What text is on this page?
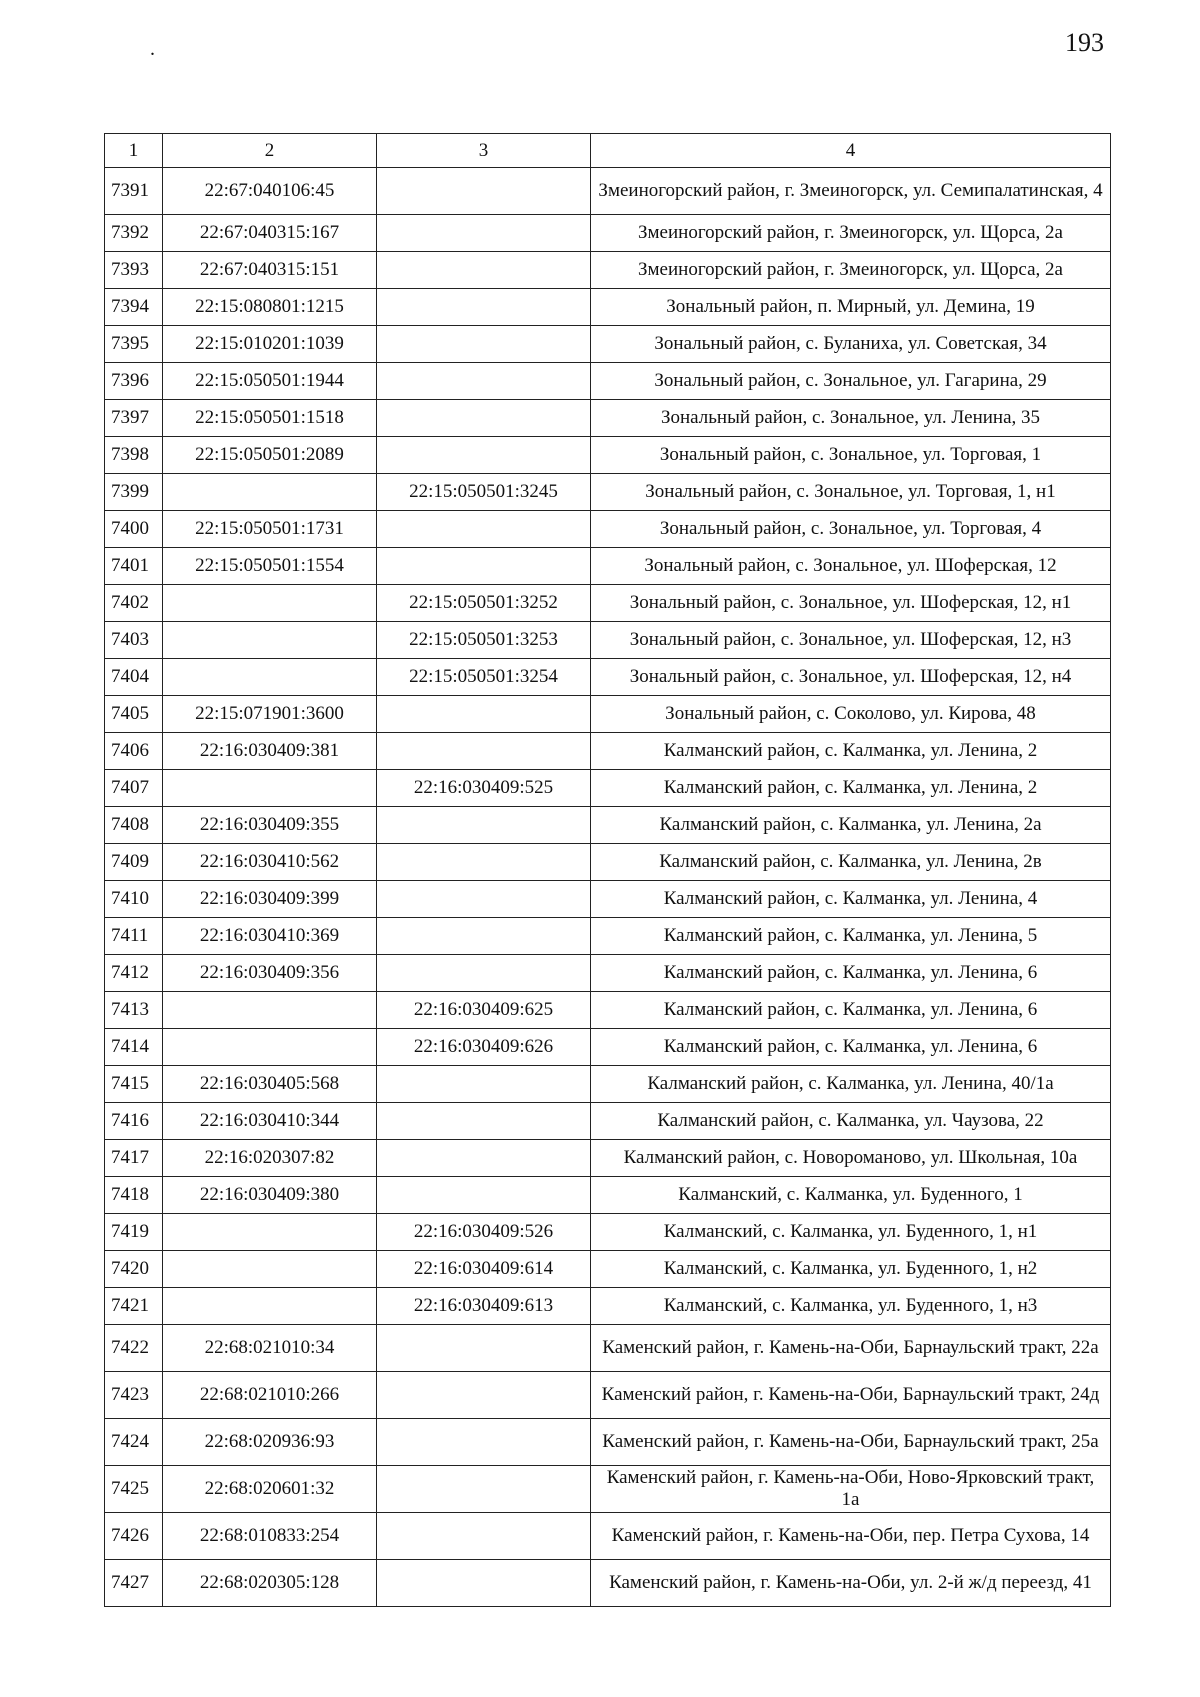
.	193
1	2	3	4
7391	22:67:040106:45		Змеиногорский район, г. Змеиногорск, ул. Семипалатинская, 4
7392	22:67:040315:167		Змеиногорский район, г. Змеиногорск, ул. Щорса, 2а
7393	22:67:040315:151		Змеиногорский район, г. Змеиногорск, ул. Щорса, 2а
7394	22:15:080801:1215		Зональный район, п. Мирный, ул. Демина, 19
7395	22:15:010201:1039		Зональный район, с. Буланиха, ул. Советская, 34
7396	22:15:050501:1944		Зональный район, с. Зональное, ул. Гагарина, 29
7397	22:15:050501:1518		Зональный район, с. Зональное, ул. Ленина, 35
7398	22:15:050501:2089		Зональный район, с. Зональное, ул. Торговая, 1
7399		22:15:050501:3245	Зональный район, с. Зональное, ул. Торговая, 1, н1
7400	22:15:050501:1731		Зональный район, с. Зональное, ул. Торговая, 4
7401	22:15:050501:1554		Зональный район, с. Зональное, ул. Шоферская, 12
7402		22:15:050501:3252	Зональный район, с. Зональное, ул. Шоферская, 12, н1
7403		22:15:050501:3253	Зональный район, с. Зональное, ул. Шоферская, 12, н3
7404		22:15:050501:3254	Зональный район, с. Зональное, ул. Шоферская, 12, н4
7405	22:15:071901:3600		Зональный район, с. Соколово, ул. Кирова, 48
7406	22:16:030409:381		Калманский район, с. Калманка, ул. Ленина, 2
7407		22:16:030409:525	Калманский район, с. Калманка, ул. Ленина, 2
7408	22:16:030409:355		Калманский район, с. Калманка, ул. Ленина, 2а
7409	22:16:030410:562		Калманский район, с. Калманка, ул. Ленина, 2в
7410	22:16:030409:399		Калманский район, с. Калманка, ул. Ленина, 4
7411	22:16:030410:369		Калманский район, с. Калманка, ул. Ленина, 5
7412	22:16:030409:356		Калманский район, с. Калманка, ул. Ленина, 6
7413		22:16:030409:625	Калманский район, с. Калманка, ул. Ленина, 6
7414		22:16:030409:626	Калманский район, с. Калманка, ул. Ленина, 6
7415	22:16:030405:568		Калманский район, с. Калманка, ул. Ленина, 40/1а
7416	22:16:030410:344		Калманский район, с. Калманка, ул. Чаузова, 22
7417	22:16:020307:82		Калманский район, с. Новороманово, ул. Школьная, 10а
7418	22:16:030409:380		Калманский, с. Калманка, ул. Буденного, 1
7419		22:16:030409:526	Калманский, с. Калманка, ул. Буденного, 1, н1
7420		22:16:030409:614	Калманский, с. Калманка, ул. Буденного, 1, н2
7421		22:16:030409:613	Калманский, с. Калманка, ул. Буденного, 1, н3
7422	22:68:021010:34		Каменский район, г. Камень-на-Оби, Барнаульский тракт, 22а
7423	22:68:021010:266		Каменский район, г. Камень-на-Оби, Барнаульский тракт, 24д
7424	22:68:020936:93		Каменский район, г. Камень-на-Оби, Барнаульский тракт, 25а
7425	22:68:020601:32		Каменский район, г. Камень-на-Оби, Ново-Ярковский тракт, 1а
7426	22:68:010833:254		Каменский район, г. Камень-на-Оби, пер. Петра Сухова, 14
7427	22:68:020305:128		Каменский район, г. Камень-на-Оби, ул. 2-й ж/д переезд, 41
